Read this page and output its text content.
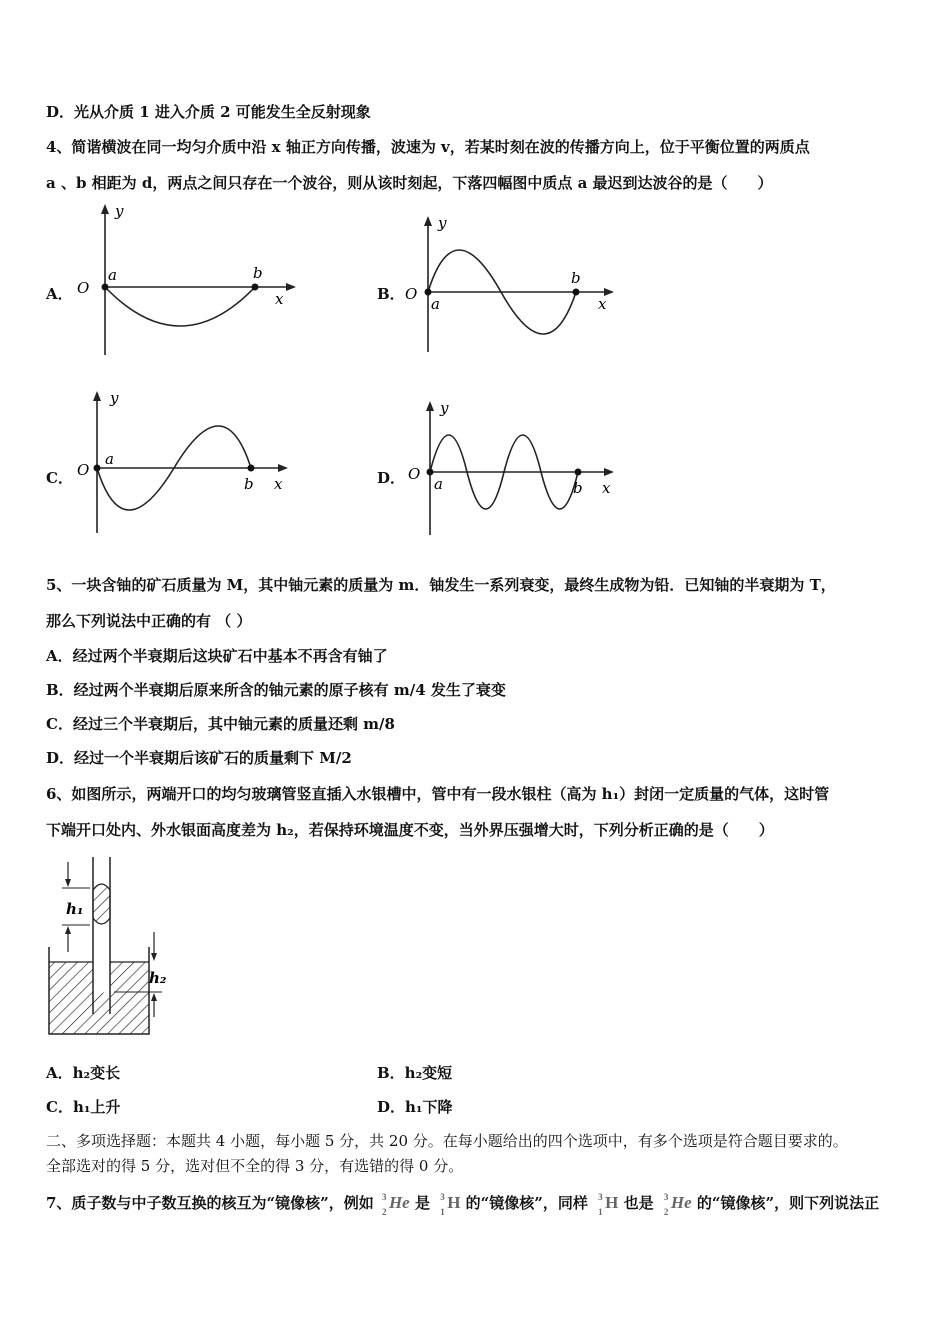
D．光从介质 1 进入介质 2 可能发生全反射现象
4、简谐横波在同一均匀介质中沿 x 轴正方向传播，波速为 v，若某时刻在波的传播方向上，位于平衡位置的两质点
a 、b 相距为 d，两点之间只存在一个波谷，则从该时刻起，下落四幅图中质点 a 最迟到达波谷的是（　　）
A．	B．
C．	D．
y
x
O
a	b
y
x
O
a
b
y
x
O
a
b
y
x
O
a	b
5、一块含铀的矿石质量为 M，其中铀元素的质量为 m．铀发生一系列衰变，最终生成物为铅．已知铀的半衰期为 T，
那么下列说法中正确的有 （ ）
A．经过两个半衰期后这块矿石中基本不再含有铀了
B．经过两个半衰期后原来所含的铀元素的原子核有 m/4 发生了衰变
C．经过三个半衰期后，其中铀元素的质量还剩 m/8
D．经过一个半衰期后该矿石的质量剩下 M/2
6、如图所示，两端开口的均匀玻璃管竖直插入水银槽中，管中有一段水银柱（高为 h₁）封闭一定质量的气体，这时管
下端开口处内、外水银面高度差为 h₂，若保持环境温度不变，当外界压强增大时，下列分析正确的是（　　）
h₁
h₂
A．h₂变长	B．h₂变短
C．h₁上升	D．h₁下降
二、多项选择题：本题共 4 小题，每小题 5 分，共 20 分。在每小题给出的四个选项中，有多个选项是符合题目要求的。
全部选对的得 5 分，选对但不全的得 3 分，有选错的得 0 分。
7、质子数与中子数互换的核互为“镜像核”，例如 3
2 He 是 3
1 H 的“镜像核”，同样 3
1 H 也是 3
2 He 的“镜像核”，则下列说法正
